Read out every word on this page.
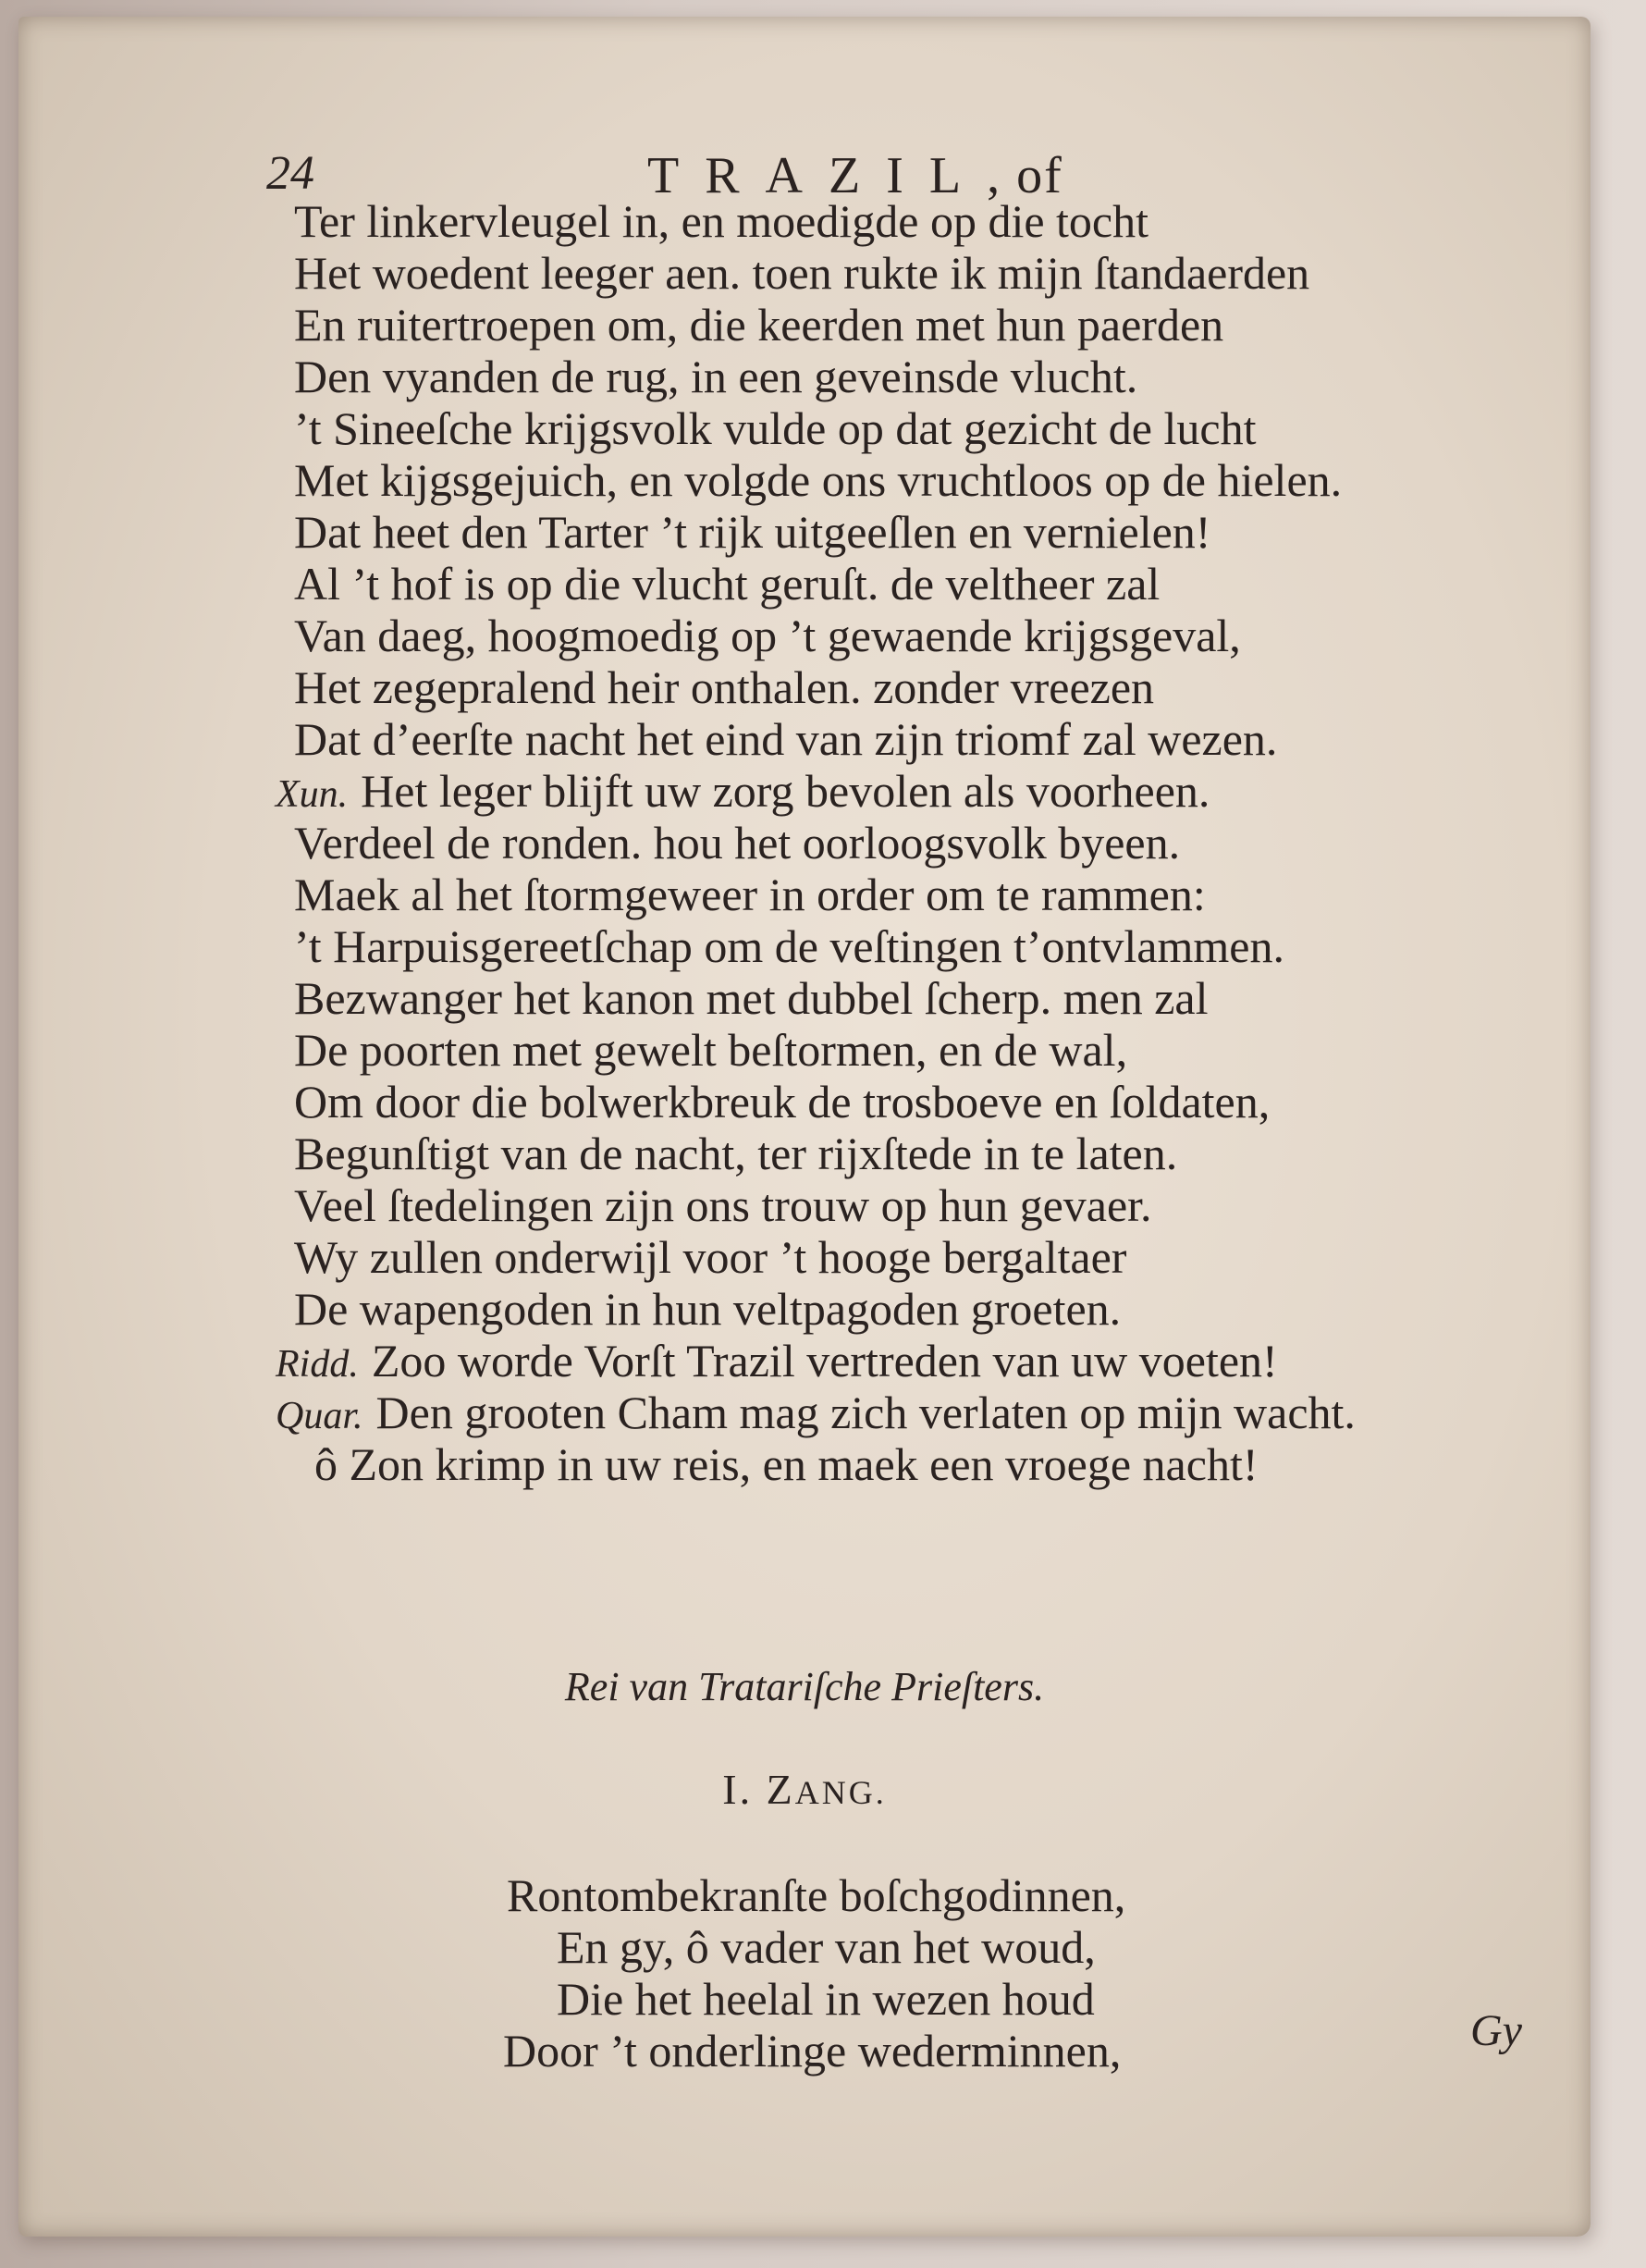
24	TRAZIL, of
Ter linkervleugel in, en moedigde op die tocht
Het woedent leeger aen. toen rukte ik mijn ſtandaerden
En ruitertroepen om, die keerden met hun paerden
Den vyanden de rug, in een geveinsde vlucht.
’t Sineeſche krijgsvolk vulde op dat gezicht de lucht
Met kijgsgejuich, en volgde ons vruchtloos op de hielen.
Dat heet den Tarter ’t rijk uitgeeſlen en vernielen!
Al ’t hof is op die vlucht geruſt. de veltheer zal
Van daeg, hoogmoedig op ’t gewaende krijgsgeval,
Het zegepralend heir onthalen. zonder vreezen
Dat d’eerſte nacht het eind van zijn triomf zal wezen.
Xun. Het leger blijft uw zorg bevolen als voorheen.
Verdeel de ronden. hou het oorloogsvolk byeen.
Maek al het ſtormgeweer in order om te rammen:
’t Harpuisgereetſchap om de veſtingen t’ontvlammen.
Bezwanger het kanon met dubbel ſcherp. men zal
De poorten met gewelt beſtormen, en de wal,
Om door die bolwerkbreuk de trosboeve en ſoldaten,
Begunſtigt van de nacht, ter rijxſtede in te laten.
Veel ſtedelingen zijn ons trouw op hun gevaer.
Wy zullen onderwijl voor ’t hooge bergaltaer
De wapengoden in hun veltpagoden groeten.
Ridd. Zoo worde Vorſt Trazil vertreden van uw voeten!
Quar. Den grooten Cham mag zich verlaten op mijn wacht.
ô Zon krimp in uw reis, en maek een vroege nacht!
Rei van Tratariſche Prieſters.
I. ZANG.
Rontombekranſte boſchgodinnen,
En gy, ô vader van het woud,
Die het heelal in wezen houd
Door ’t onderlinge wederminnen,	Gy
